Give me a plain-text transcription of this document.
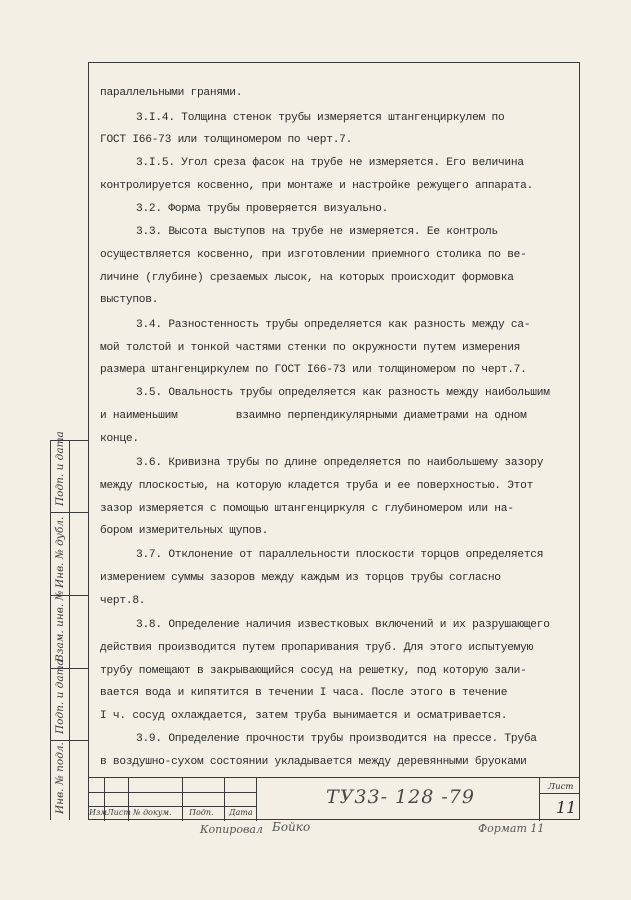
параллельными гранями.
3.I.4. Толщина стенок трубы измеряется штангенциркулем по
ГОСТ I66-73 или толщиномером по черт.7.
3.I.5. Угол среза фасок на трубе не измеряется. Его величина
контролируется косвенно, при монтаже и настройке режущего аппарата.
3.2. Форма трубы проверяется визуально.
3.3. Высота выступов на трубе не измеряется. Ее контроль
осуществляется косвенно, при изготовлении приемного столика по ве-
личине (глубине) срезаемых лысок, на которых происходит формовка
выступов.
3.4. Разностенность трубы определяется как разность между са-
мой толстой и тонкой частями стенки по окружности путем измерения
размера штангенциркулем по ГОСТ I66-73 или толщиномером по черт.7.
3.5. Овальность трубы определяется как разность между наибольшим
и наименьшим         взаимно перпендикулярными диаметрами на одном
конце.
3.6. Кривизна трубы по длине определяется по наибольшему зазору
между плоскостью, на которую кладется труба и ее поверхностью. Этот
зазор измеряется с помощью штангенциркуля с глубиномером или на-
бором измерительных щупов.
3.7. Отклонение от параллельности плоскости торцов определяется
измерением суммы зазоров между каждым из торцов трубы согласно
черт.8.
3.8. Определение наличия известковых включений и их разрушающего
действия производится путем пропаривания труб. Для этого испытуемую
трубу помещают в закрывающийся сосуд на решетку, под которую зали-
вается вода и кипятится в течении I часа. После этого в течение
I ч. сосуд охлаждается, затем труба вынимается и осматривается.
3.9. Определение прочности трубы производится на прессе. Труба
в воздушно-сухом состоянии укладывается между деревянными бруоками
Подп. и дата
Инв. № дубл.
Взам. инв. №
Подп. и дата
Инв. № подл.	Изм Лист № докум. Подп. Дата
ТУ33- 128 -79	Лист
11
Копировал Бойко	Формат 11
